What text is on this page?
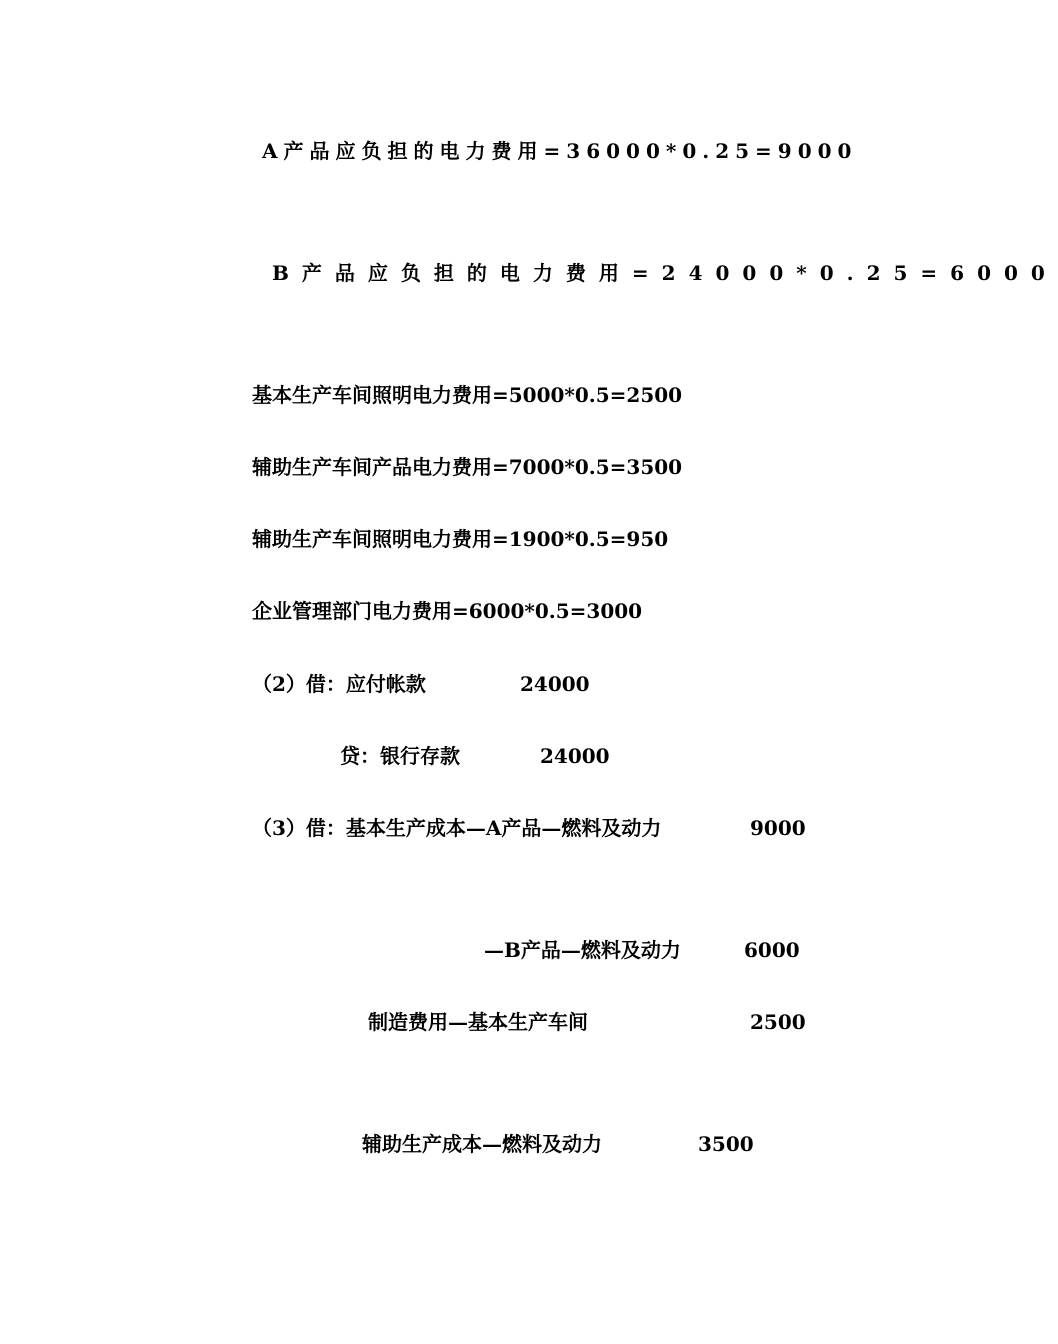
A产品应负担的电力费用=36000*0.25=9000
B产品应负担的电力费用=24000*0.25=6000
基本生产车间照明电力费用=5000*0.5=2500
辅助生产车间产品电力费用=7000*0.5=3500
辅助生产车间照明电力费用=1900*0.5=950
企业管理部门电力费用=6000*0.5=3000
（2）借：应付帐款	24000
贷：银行存款	24000
（3）借：基本生产成本—A产品—燃料及动力	9000
—B产品—燃料及动力	6000
制造费用—基本生产车间	2500
辅助生产成本—燃料及动力	3500
